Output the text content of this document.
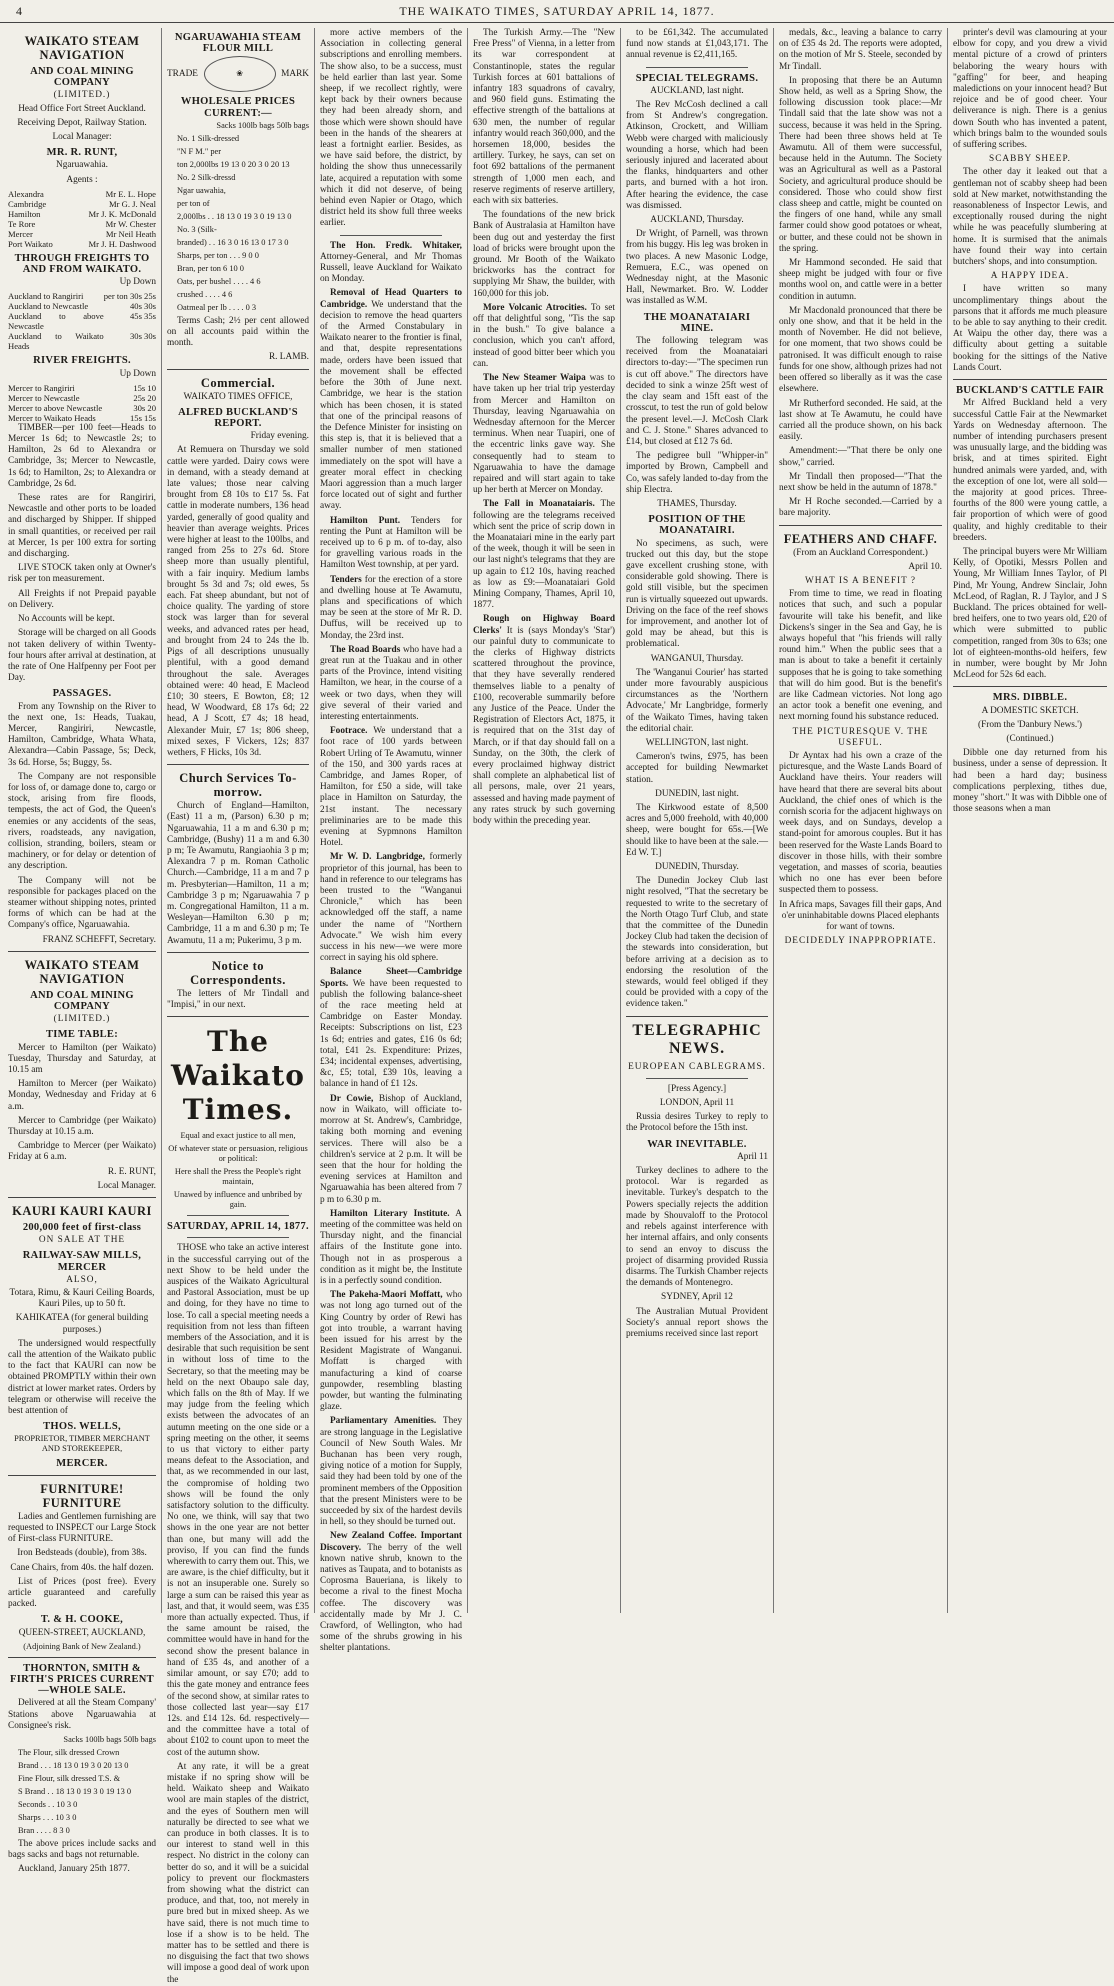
4	THE WAIKATO TIMES, SATURDAY APRIL 14, 1877.
WAIKATO STEAM NAVIGATION
AND COAL MINING COMPANY
(LIMITED.)

Head Office Fort Street Auckland.

Receiving Depot, Railway Station.

Local Manager:

MR. R. RUNT,

Ngaruawahia.

Agents :

Alexandra	Mr E. L. Hope
Cambridge	Mr G. J. Neal
Hamilton	Mr J. K. McDonald
Te Rore	Mr W. Chester
Mercer	Mr Neil Heath
Port Waikato	Mr J. H. Dashwood
THROUGH FREIGHTS TO AND FROM WAIKATO.

Up Down

Auckland to Rangiriri	per ton 30s 25s
Auckland to Newcastle	40s 30s
Auckland to above Newcastle	45s 35s
Auckland to Waikato Heads	30s 30s
RIVER FREIGHTS.

Up Down

Mercer to Rangiriri	15s 10
Mercer to Newcastle	25s 20
Mercer to above Newcastle	30s 20
Mercer to Waikato Heads	15s 15s

TIMBER—per 100 feet—Heads to Mercer 1s 6d; to Newcastle 2s; to Hamilton, 2s 6d to Alexandra or Cambridge, 3s; Mercer to Newcastle, 1s 6d; to Hamilton, 2s; to Alexandra or Cambridge, 2s 6d.

These rates are for Rangiriri, Newcastle and other ports to be loaded and discharged by Shipper. If shipped in small quantities, or received per rail at Mercer, 1s per 100 extra for sorting and discharging.

LIVE STOCK taken only at Owner's risk per ton measurement.

All Freights if not Prepaid payable on Delivery.

No Accounts will be kept.

Storage will be charged on all Goods not taken delivery of within Twenty-four hours after arrival at destination, at the rate of One Halfpenny per Foot per Day.

PASSAGES.

From any Township on the River to the next one, 1s: Heads, Tuakau, Mercer, Rangiriri, Newcastle, Hamilton, Cambridge, Whata Whata, Alexandra—Cabin Passage, 5s; Deck, 3s 6d. Horse, 5s; Buggy, 5s.

The Company are not responsible for loss of, or damage done to, cargo or stock, arising from fire floods, tempests, the act of God, the Queen's enemies or any accidents of the seas, rivers, roadsteads, any navigation, collision, stranding, boilers, steam or machinery, or for delay or detention of any description.

The Company will not be responsible for packages placed on the steamer without shipping notes, printed forms of which can be had at the Company's office, Ngaruawahia.

FRANZ SCHEFFT, Secretary.

WAIKATO STEAM NAVIGATION
AND COAL MINING COMPANY
(LIMITED.)
TIME TABLE:

Mercer to Hamilton (per Waikato) Tuesday, Thursday and Saturday, at 10.15 am

Hamilton to Mercer (per Waikato) Monday, Wednesday and Friday at 6 a.m.

Mercer to Cambridge (per Waikato) Thursday at 10.15 a.m.

Cambridge to Mercer (per Waikato) Friday at 6 a.m.

R. E. RUNT,

Local Manager.

KAURI KAURI KAURI
200,000 feet of first-class
ON SALE AT THE
RAILWAY-SAW MILLS, MERCER
ALSO,

Totara, Rimu, & Kauri Ceiling Boards, Kauri Piles, up to 50 ft.

KAHIKATEA (for general building purposes.)

The undersigned would respectfully call the attention of the Waikato public to the fact that KAURI can now be obtained PROMPTLY within their own district at lower market rates. Orders by telegram or otherwise will receive the best attention of

THOS. WELLS,

PROPRIETOR, TIMBER MERCHANT AND STOREKEEPER,

MERCER.
FURNITURE! FURNITURE

Ladies and Gentlemen furnishing are requested to INSPECT our Large Stock of First-class FURNITURE.

Iron Bedsteads (double), from 38s.

Cane Chairs, from 40s. the half dozen.

List of Prices (post free). Every article guaranteed and carefully packed.

T. & H. COOKE,

QUEEN-STREET, AUCKLAND,

(Adjoining Bank of New Zealand.)

THORNTON, SMITH & FIRTH'S PRICES CURRENT—WHOLE SALE.

Delivered at all the Steam Company' Stations above Ngaruawahia at Consignee's risk.

Sacks 100lb bags 50lb bags

The Flour, silk dressed Crown

Brand . . . 18 13 0 19 3 0 20 13 0

Fine Flour, silk dressed T.S. &

S Brand . . 18 13 0 19 3 0 19 13 0

Seconds . . 10 3 0

Sharps . . . 10 3 0

Bran . . . . 8 3 0

The above prices include sacks and bags sacks and bags not returnable.

Auckland, January 25th 1877.

NGARUAWAHIA STEAM FLOUR MILL
TRADE	❀	MARK
WHOLESALE PRICES CURRENT:—

Sacks 100lb bags 50lb bags

No. 1 Silk-dressed

"N F M." per

ton 2,000lbs 19 13 0 20 3 0 20 13

No. 2 Silk-dressd

Ngar uawahia,

per ton of

2,000lbs . . 18 13 0 19 3 0 19 13 0

No. 3 (Silk-

branded) . . 16 3 0 16 13 0 17 3 0

Sharps, per ton . . . 9 0 0

Bran, per ton 6 10 0

Oats, per bushel . . . . 4 6

crushed . . . . 4 6

Oatmeal per lb . . . . 0 3

Terms Cash; 2½ per cent allowed on all accounts paid within the month.

R. LAMB.

Commercial.

WAIKATO TIMES OFFICE,

ALFRED BUCKLAND'S REPORT.

Friday evening.

At Remuera on Thursday we sold cattle were yarded. Dairy cows were in demand, with a steady demand at late values; those near calving brought from £8 10s to £17 5s. Fat cattle in moderate numbers, 136 head yarded, generally of good quality and heavier than average weights. Prices were higher at least to the 100lbs, and ranged from 25s to 27s 6d. Store sheep more than usually plentiful, with a fair inquiry. Medium lambs brought 5s 3d and 7s; old ewes, 5s each. Fat sheep abundant, but not of choice quality. The yarding of store stock was larger than for several weeks, and advanced rates per head, and brought from 24 to 24s the lb. Pigs of all descriptions unusually plentiful, with a good demand throughout the sale. Averages obtained were: 40 head, E Macleod £10; 30 steers, E Bowton, £8; 12 head, W Woodward, £8 17s 6d; 22 head, A J Scott, £7 4s; 18 head, Alexander Muir, £7 1s; 806 sheep, mixed sexes, F Vickers, 12s; 837 wethers, F Hicks, 10s 3d.

Church Services To-morrow.

Church of England—Hamilton, (East) 11 a m, (Parson) 6.30 p m; Ngaruawahia, 11 a m and 6.30 p m; Cambridge, (Bushy) 11 a m and 6.30 p m; Te Awamutu, Rangiaohia 3 p m; Alexandra 7 p m. Roman Catholic Church.—Cambridge, 11 a m and 7 p m. Presbyterian—Hamilton, 11 a m; Cambridge 3 p m; Ngaruawahia 7 p m. Congregational Hamilton, 11 a m. Wesleyan—Hamilton 6.30 p m; Cambridge, 11 a m and 6.30 p m; Te Awamutu, 11 a m; Pukerimu, 3 p m.

Notice to Correspondents.

The letters of Mr Tindall and "Impisi," in our next.

The Waikato Times.

Equal and exact justice to all men,

Of whatever state or persuasion, religious or political:

Here shall the Press the People's right maintain,

Unawed by influence and unbribed by gain.

SATURDAY, APRIL 14, 1877.

THOSE who take an active interest in the successful carrying out of the next Show to be held under the auspices of the Waikato Agricultural and Pastoral Association, must be up and doing, for they have no time to lose. To call a special meeting needs a requisition from not less than fifteen members of the Association, and it is desirable that such requisition be sent in without loss of time to the Secretary, so that the meeting may be held on the next Obaupo sale day, which falls on the 8th of May. If we may judge from the feeling which exists between the advocates of an autumn meeting on the one side or a spring meeting on the other, it seems to us that victory to either party means defeat to the Association, and that, as we recommended in our last, the compromise of holding two shows will be found the only satisfactory solution to the difficulty. No one, we think, will say that two shows in the one year are not better than one, but many will add the proviso, If you can find the funds wherewith to carry them out. This, we are aware, is the chief difficulty, but it is not an insuperable one. Surely so large a sum can be raised this year as last, and that, it would seem, was £35 more than actually expected. Thus, if the same amount be raised, the committee would have in hand for the second show the present balance in hand of £35 4s, and another of a similar amount, or say £70; add to this the gate money and entrance fees of the second show, at similar rates to those collected last year—say £17 12s. and £14 12s. 6d. respectively—and the committee have a total of about £102 to count upon to meet the cost of the autumn show.

At any rate, it will be a great mistake if no spring show will be held. Waikato sheep and Waikato wool are main staples of the district, and the eyes of Southern men will naturally be directed to see what we can produce in both classes. It is to our interest to stand well in this respect. No district in the colony can better do so, and it will be a suicidal policy to prevent our flockmasters from showing what the district can produce, and that, too, not merely in pure bred but in mixed sheep. As we have said, there is not much time to lose if a show is to be held. The matter has to be settled and there is no disguising the fact that two shows will impose a good deal of work upon the

more active members of the Association in collecting general subscriptions and enrolling members. The show also, to be a success, must be held earlier than last year. Some sheep, if we recollect rightly, were kept back by their owners because they had been already shorn, and those which were shown should have been in the hands of the shearers at least a fortnight earlier. Besides, as we have said before, the district, by holding the show thus unnecessarily late, acquired a reputation with some which it did not deserve, of being behind even Napier or Otago, which district held its show full three weeks earlier.

The Hon. Fredk. Whitaker, Attorney-General, and Mr Thomas Russell, leave Auckland for Waikato on Monday.

Removal of Head Quarters to Cambridge. We understand that the decision to remove the head quarters of the Armed Constabulary in Waikato nearer to the frontier is final, and that, despite representations made, orders have been issued that the movement shall be effected before the 30th of June next. Cambridge, we hear is the station which has been chosen, it is stated that one of the principal reasons of the Defence Minister for insisting on this step is, that it is believed that a smaller number of men stationed immediately on the spot will have a greater moral effect in checking Maori aggression than a much larger force located out of sight and further away.

Hamilton Punt. Tenders for renting the Punt at Hamilton will be received up to 6 p m. of to-day, also for gravelling various roads in the Hamilton West township, at per yard.

Tenders for the erection of a store and dwelling house at Te Awamutu, plans and specifications of which may be seen at the store of Mr R. D. Duffus, will be received up to Monday, the 23rd inst.

The Road Boards who have had a great run at the Tuakau and in other parts of the Province, intend visiting Hamilton, we hear, in the course of a week or two days, when they will give several of their varied and interesting entertainments.

Footrace. We understand that a foot race of 100 yards between Robert Urling of Te Awamutu, winner of the 150, and 300 yards races at Cambridge, and James Roper, of Hamilton, for £50 a side, will take place in Hamilton on Saturday, the 21st instant. The necessary preliminaries are to be made this evening at Sypmnons Hamilton Hotel.

Mr W. D. Langbridge, formerly proprietor of this journal, has been to hand in reference to our telegrams has been trusted to the "Wanganui Chronicle," which has been acknowledged off the staff, a name under the name of "Northern Advocate." We wish him every success in his new—we were more correct in saying his old sphere.

Balance Sheet—Cambridge Sports. We have been requested to publish the following balance-sheet of the race meeting held at Cambridge on Easter Monday. Receipts: Subscriptions on list, £23 1s 6d; entries and gates, £16 0s 6d; total, £41 2s. Expenditure: Prizes, £34; incidental expenses, advertising, &c, £5; total, £39 10s, leaving a balance in hand of £1 12s.

Dr Cowie, Bishop of Auckland, now in Waikato, will officiate to-morrow at St. Andrew's, Cambridge, taking both morning and evening services. There will also be a children's service at 2 p.m. It will be seen that the hour for holding the evening services at Hamilton and Ngaruawahia has been altered from 7 p m to 6.30 p m.

Hamilton Literary Institute. A meeting of the committee was held on Thursday night, and the financial affairs of the Institute gone into. Though not in as prosperous a condition as it might be, the Institute is in a perfectly sound condition.

The Pakeha-Maori Moffatt, who was not long ago turned out of the King Country by order of Rewi has got into trouble, a warrant having been issued for his arrest by the Resident Magistrate of Wanganui. Moffatt is charged with manufacturing a kind of coarse gunpowder, resembling blasting powder, but wanting the fulminating glaze.

Parliamentary Amenities. They are strong language in the Legislative Council of New South Wales. Mr Buchanan has been very rough, giving notice of a motion for Supply, said they had been told by one of the prominent members of the Opposition that the present Ministers were to be succeeded by six of the hardest devils in hell, so they should be turned out.

New Zealand Coffee. Important Discovery. The berry of the well known native shrub, known to the natives as Taupata, and to botanists as Coprosma Baueriana, is likely to become a rival to the finest Mocha coffee. The discovery was accidentally made by Mr J. C. Crawford, of Wellington, who had some of the shrubs growing in his shelter plantations.

The Turkish Army.—The "New Free Press" of Vienna, in a letter from its war correspondent at Constantinople, states the regular Turkish forces at 601 battalions of infantry 183 squadrons of cavalry, and 960 field guns. Estimating the effective strength of the battalions at 630 men, the number of regular infantry would reach 360,000, and the horsemen 18,000, besides the artillery. Turkey, he says, can set on foot 692 battalions of the permanent strength of 1,000 men each, and reserve regiments of reserve artillery, each with six batteries.

The foundations of the new brick Bank of Australasia at Hamilton have been dug out and yesterday the first load of bricks were brought upon the ground. Mr Booth of the Waikato brickworks has the contract for supplying Mr Shaw, the builder, with 160,000 for this job.

More Volcanic Atrocities. To set off that delightful song, "Tis the sap in the bush." To give balance a conclusion, which you can't afford, instead of good bitter beer which you can.

The New Steamer Waipa was to have taken up her trial trip yesterday from Mercer and Hamilton on Thursday, leaving Ngaruawahia on Wednesday afternoon for the Mercer terminus. When near Tuapiri, one of the eccentric links gave way. She consequently had to steam to Ngaruawahia to have the damage repaired and will start again to take up her berth at Mercer on Monday.

The Fall in Moanataiaris. The following are the telegrams received which sent the price of scrip down in the Moanataiari mine in the early part of the week, though it will be seen in our last night's telegrams that they are up again to £12 10s, having reached as low as £9:—Moanataiari Gold Mining Company, Thames, April 10, 1877.

Rough on Highway Board Clerks' It is (says Monday's 'Star') our painful duty to communicate to the clerks of Highway districts scattered throughout the province, that they have severally rendered themselves liable to a penalty of £100, recoverable summarily before any Justice of the Peace. Under the Registration of Electors Act, 1875, it is required that on the 31st day of March, or if that day should fall on a Sunday, on the 30th, the clerk of every proclaimed highway district shall complete an alphabetical list of all persons, male, over 21 years, assessed and having made payment of any rates struck by such governing body within the preceding year.

to be £61,342. The accumulated fund now stands at £1,043,171. The annual revenue is £2,411,165.

SPECIAL TELEGRAMS.

AUCKLAND, last night.

The Rev McCosh declined a call from St Andrew's congregation. Atkinson, Crockett, and William Webb were charged with maliciously wounding a horse, which had been seriously injured and lacerated about the flanks, hindquarters and other parts, and burned with a hot iron. After hearing the evidence, the case was dismissed.

AUCKLAND, Thursday.

Dr Wright, of Parnell, was thrown from his buggy. His leg was broken in two places. A new Masonic Lodge, Remuera, E.C., was opened on Wednesday night, at the Masonic Hall, Newmarket. Bro. W. Lodder was installed as W.M.

THE MOANATAIARI MINE.

The following telegram was received from the Moanataiari directors to-day:—"The specimen run is cut off above." The directors have decided to sink a winze 25ft west of the clay seam and 15ft east of the crosscut, to test the run of gold below the present level.—J. McCosh Clark and C. J. Stone." Shares advanced to £14, but closed at £12 7s 6d.

The pedigree bull "Whipper-in" imported by Brown, Campbell and Co, was safely landed to-day from the ship Electra.

THAMES, Thursday.

POSITION OF THE MOANATAIRI.

No specimens, as such, were trucked out this day, but the stope gave excellent crushing stone, with considerable gold showing. There is gold still visible, but the specimen run is virtually squeezed out upwards. Driving on the face of the reef shows for improvement, and another lot of gold may be ahead, but this is problematical.

WANGANUI, Thursday.

The 'Wanganui Courier' has started under more favourably auspicious circumstances as the 'Northern Advocate,' Mr Langbridge, formerly of the Waikato Times, having taken the editorial chair.

WELLINGTON, last night.

Cameron's twins, £975, has been accepted for building Newmarket station.

DUNEDIN, last night.

The Kirkwood estate of 8,500 acres and 5,000 freehold, with 40,000 sheep, were bought for 65s.—[We should like to have been at the sale.—Ed W. T.]

DUNEDIN, Thursday.

The Dunedin Jockey Club last night resolved, "That the secretary be requested to write to the secretary of the North Otago Turf Club, and state that the committee of the Dunedin Jockey Club had taken the decision of the stewards into consideration, but before arriving at a decision as to endorsing the resolution of the stewards, would feel obliged if they could be provided with a copy of the evidence taken."

TELEGRAPHIC NEWS.
EUROPEAN CABLEGRAMS.

[Press Agency.]

LONDON, April 11

Russia desires Turkey to reply to the Protocol before the 15th inst.

WAR INEVITABLE.

April 11

Turkey declines to adhere to the protocol. War is regarded as inevitable. Turkey's despatch to the Powers specially rejects the addition made by Shouvaloff to the Protocol and rebels against interference with her internal affairs, and only consents to send an envoy to discuss the project of disarming provided Russia disarms. The Turkish Chamber rejects the demands of Montenegro.

SYDNEY, April 12

The Australian Mutual Provident Society's annual report shows the premiums received since last report

medals, &c., leaving a balance to carry on of £35 4s 2d. The reports were adopted, on the motion of Mr S. Steele, seconded by Mr Tindall.

In proposing that there be an Autumn Show held, as well as a Spring Show, the following discussion took place:—Mr Tindall said that the late show was not a success, because it was held in the Spring. There had been three shows held at Te Awamutu. All of them were successful, because held in the Autumn. The Society was an Agricultural as well as a Pastoral Society, and agricultural produce should be considered. Those who could show first class sheep and cattle, might be counted on the fingers of one hand, while any small farmer could show good potatoes or wheat, or butter, and these could not be shown in the spring.

Mr Hammond seconded. He said that sheep might be judged with four or five months wool on, and cattle were in a better condition in autumn.

Mr Macdonald pronounced that there be only one show, and that it be held in the month of November. He did not believe, for one moment, that two shows could be patronised. It was difficult enough to raise funds for one show, although prizes had not been offered so liberally as it was the case elsewhere.

Mr Rutherford seconded. He said, at the last show at Te Awamutu, he could have carried all the produce shown, on his back easily.

Amendment:—"That there be only one show," carried.

Mr Tindall then proposed—"That the next show be held in the autumn of 1878."

Mr H Roche seconded.—Carried by a bare majority.

FEATHERS AND CHAFF.

(From an Auckland Correspondent.)

April 10.

WHAT IS A BENEFIT ?

From time to time, we read in floating notices that such, and such a popular favourite will take his benefit, and like Dickens's singer in the Sea and Gay, he is always hopeful that "his friends will rally round him." When the public sees that a man is about to take a benefit it certainly supposes that he is going to take something that will do him good. But is the benefit's are like Cadmean victories. Not long ago an actor took a benefit one evening, and next morning found his substance reduced.

THE PICTURESQUE V. THE USEFUL.

Dr Ayntax had his own a craze of the picturesque, and the Waste Lands Board of Auckland have theirs. Your readers will have heard that there are several bits about Auckland, the chief ones of which is the cornish scoria for the adjacent highways on week days, and on Sundays, develop a stand-point for amorous couples. But it has been reserved for the Waste Lands Board to discover in those hills, with their sombre vegetation, and masses of scoria, beauties which no one has ever been before suspected them to possess.

In Africa maps, Savages fill their gaps, And o'er uninhabitable downs Placed elephants for want of towns.

DECIDEDLY INAPPROPRIATE.

printer's devil was clamouring at your elbow for copy, and you drew a vivid mental picture of a crowd of printers belaboring the weary hours with "gaffing" for beer, and heaping maledictions on your innocent head? But rejoice and be of good cheer. Your deliverance is nigh. There is a genius down South who has invented a patent, which brings balm to the wounded souls of suffering scribes.

SCABBY SHEEP.

The other day it leaked out that a gentleman not of scabby sheep had been sold at New market, notwithstanding the reasonableness of Inspector Lewis, and exceptionally roused during the night while he was peacefully slumbering at home. It is surmised that the animals have found their way into certain butchers' shops, and into consumption.

A HAPPY IDEA.

I have written so many uncomplimentary things about the parsons that it affords me much pleasure to be able to say anything to their credit. At Waipu the other day, there was a difficulty about getting a suitable booking for the sittings of the Native Lands Court.

BUCKLAND'S CATTLE FAIR

Mr Alfred Buckland held a very successful Cattle Fair at the Newmarket Yards on Wednesday afternoon. The number of intending purchasers present was unusually large, and the bidding was brisk, and at times spirited. Eight hundred animals were yarded, and, with the exception of one lot, were all sold—the majority at good prices. Three-fourths of the 800 were young cattle, a fair proportion of which were of good quality, and highly creditable to their breeders.

The principal buyers were Mr William Kelly, of Opotiki, Messrs Pollen and Young, Mr William Innes Taylor, of Pl Pind, Mr Young, Andrew Sinclair, John McLeod, of Raglan, R. J Taylor, and J S Buckland. The prices obtained for well-bred heifers, one to two years old, £20 of which were submitted to public competition, ranged from 30s to 63s; one lot of eighteen-months-old heifers, few in number, were bought by Mr John McLeod for 52s 6d each.

MRS. DIBBLE.

A DOMESTIC SKETCH.

(From the 'Danbury News.')

(Continued.)

Dibble one day returned from his business, under a sense of depression. It had been a hard day; business complications perplexing, tithes due, money "short." It was with Dibble one of those seasons when a man
